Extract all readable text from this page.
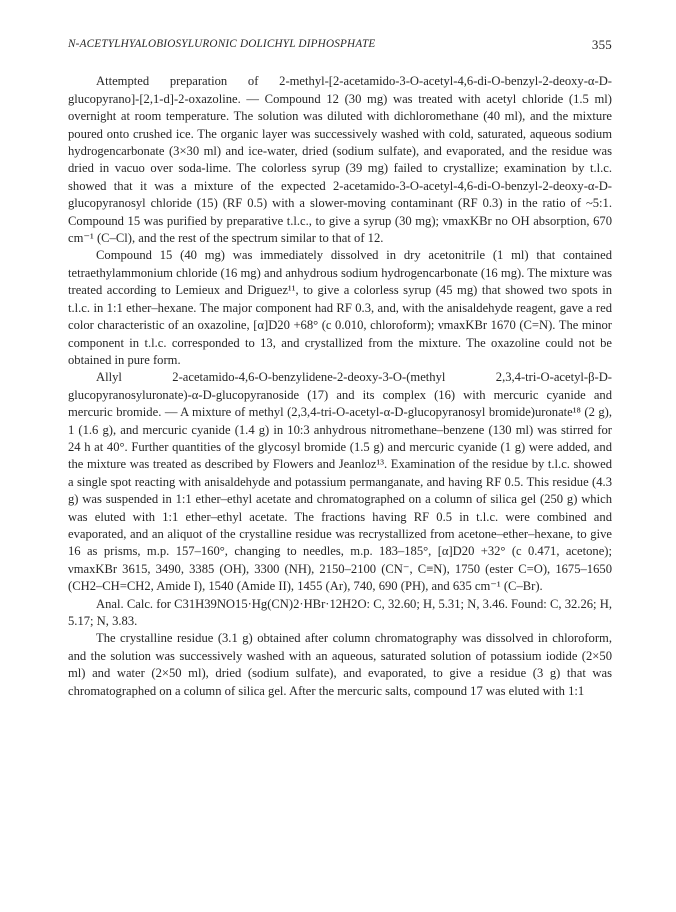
N-ACETYLHYALOBIOSYLURONIC DOLICHYL DIPHOSPHATE	355

Attempted preparation of 2-methyl-[2-acetamido-3-O-acetyl-4,6-di-O-benzyl-2-deoxy-α-D-glucopyrano]-[2,1-d]-2-oxazoline. — Compound 12 (30 mg) was treated with acetyl chloride (1.5 ml) overnight at room temperature. The solution was diluted with dichloromethane (40 ml), and the mixture poured onto crushed ice. The organic layer was successively washed with cold, saturated, aqueous sodium hydrogencarbonate (3×30 ml) and ice-water, dried (sodium sulfate), and evaporated, and the residue was dried in vacuo over soda-lime. The colorless syrup (39 mg) failed to crystallize; examination by t.l.c. showed that it was a mixture of the expected 2-acetamido-3-O-acetyl-4,6-di-O-benzyl-2-deoxy-α-D-glucopyranosyl chloride (15) (RF 0.5) with a slower-moving contaminant (RF 0.3) in the ratio of ~5:1. Compound 15 was purified by preparative t.l.c., to give a syrup (30 mg); νmaxKBr no OH absorption, 670 cm⁻¹ (C–Cl), and the rest of the spectrum similar to that of 12.

Compound 15 (40 mg) was immediately dissolved in dry acetonitrile (1 ml) that contained tetraethylammonium chloride (16 mg) and anhydrous sodium hydrogencarbonate (16 mg). The mixture was treated according to Lemieux and Driguez¹¹, to give a colorless syrup (45 mg) that showed two spots in t.l.c. in 1:1 ether–hexane. The major component had RF 0.3, and, with the anisaldehyde reagent, gave a red color characteristic of an oxazoline, [α]D20 +68° (c 0.010, chloroform); νmaxKBr 1670 (C=N). The minor component in t.l.c. corresponded to 13, and crystallized from the mixture. The oxazoline could not be obtained in pure form.

Allyl 2-acetamido-4,6-O-benzylidene-2-deoxy-3-O-(methyl 2,3,4-tri-O-acetyl-β-D-glucopyranosyluronate)-α-D-glucopyranoside (17) and its complex (16) with mercuric cyanide and mercuric bromide. — A mixture of methyl (2,3,4-tri-O-acetyl-α-D-glucopyranosyl bromide)uronate¹⁸ (2 g), 1 (1.6 g), and mercuric cyanide (1.4 g) in 10:3 anhydrous nitromethane–benzene (130 ml) was stirred for 24 h at 40°. Further quantities of the glycosyl bromide (1.5 g) and mercuric cyanide (1 g) were added, and the mixture was treated as described by Flowers and Jeanloz¹³. Examination of the residue by t.l.c. showed a single spot reacting with anisaldehyde and potassium permanganate, and having RF 0.5. This residue (4.3 g) was suspended in 1:1 ether–ethyl acetate and chromatographed on a column of silica gel (250 g) which was eluted with 1:1 ether–ethyl acetate. The fractions having RF 0.5 in t.l.c. were combined and evaporated, and an aliquot of the crystalline residue was recrystallized from acetone–ether–hexane, to give 16 as prisms, m.p. 157–160°, changing to needles, m.p. 183–185°, [α]D20 +32° (c 0.471, acetone); νmaxKBr 3615, 3490, 3385 (OH), 3300 (NH), 2150–2100 (CN⁻, C≡N), 1750 (ester C=O), 1675–1650 (CH2–CH=CH2, Amide I), 1540 (Amide II), 1455 (Ar), 740, 690 (PH), and 635 cm⁻¹ (C–Br).

Anal. Calc. for C31H39NO15·Hg(CN)2·HBr·12H2O: C, 32.60; H, 5.31; N, 3.46. Found: C, 32.26; H, 5.17; N, 3.83.

The crystalline residue (3.1 g) obtained after column chromatography was dissolved in chloroform, and the solution was successively washed with an aqueous, saturated solution of potassium iodide (2×50 ml) and water (2×50 ml), dried (sodium sulfate), and evaporated, to give a residue (3 g) that was chromatographed on a column of silica gel. After the mercuric salts, compound 17 was eluted with 1:1
